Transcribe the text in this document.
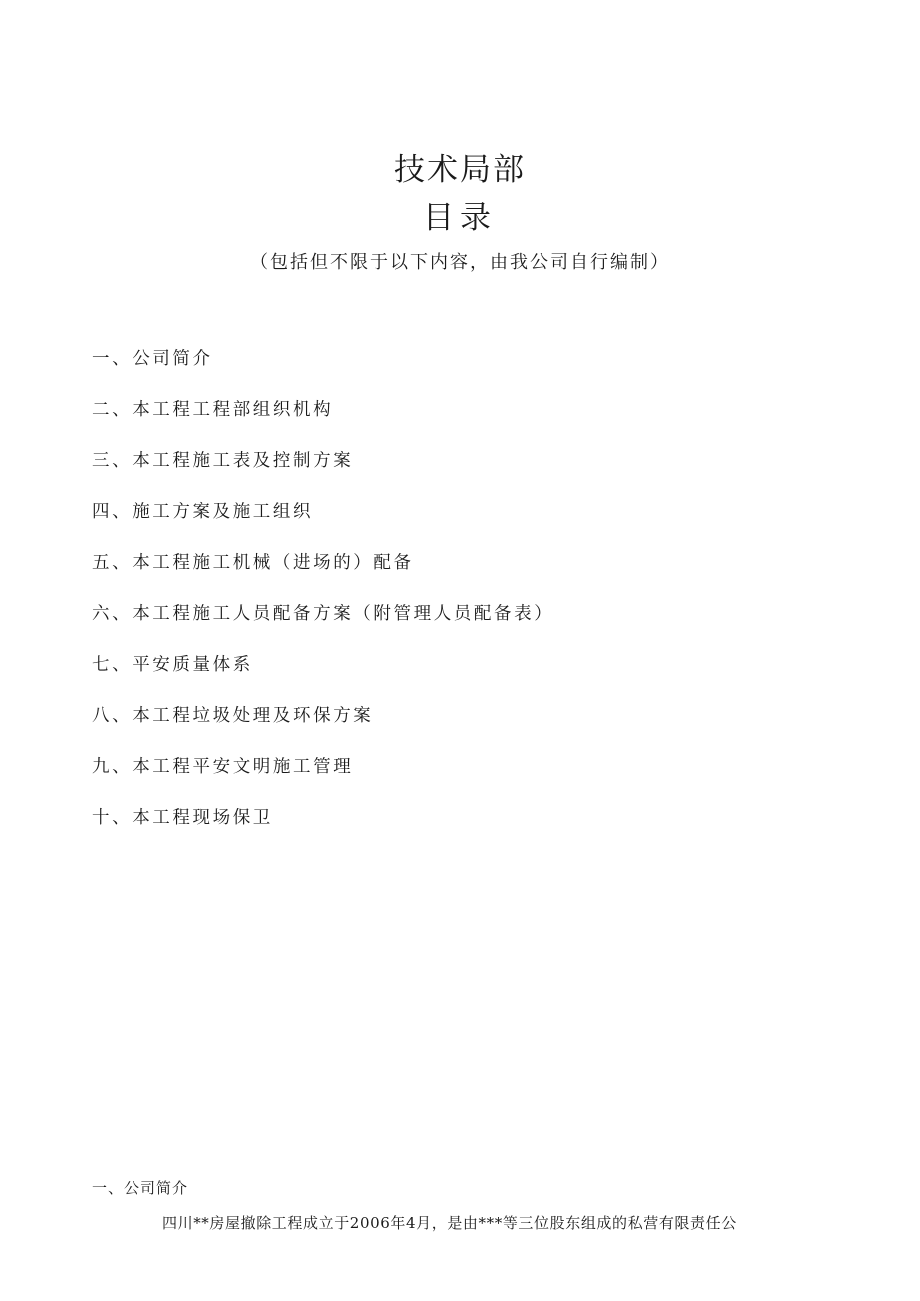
技术局部
目录
（包括但不限于以下内容，由我公司自行编制）
一、公司简介
二、本工程工程部组织机构
三、本工程施工表及控制方案
四、施工方案及施工组织
五、本工程施工机械（进场的）配备
六、本工程施工人员配备方案（附管理人员配备表）
七、平安质量体系
八、本工程垃圾处理及环保方案
九、本工程平安文明施工管理
十、本工程现场保卫
一、公司简介
四川**房屋撤除工程成立于2006年4月，是由***等三位股东组成的私营有限责任公
